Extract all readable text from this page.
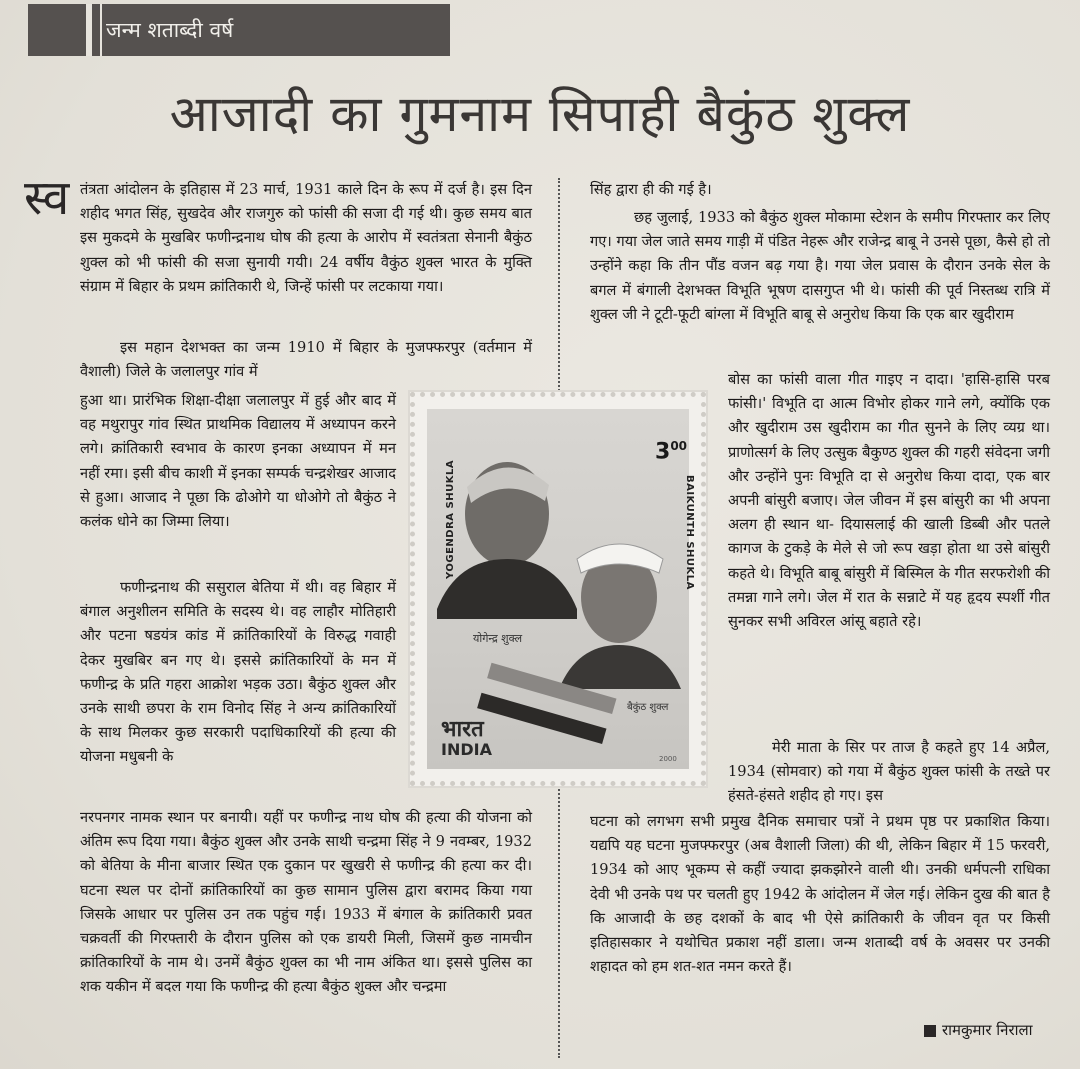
जन्म शताब्दी वर्ष
आजादी का गुमनाम सिपाही बैकुंठ शुक्ल
स्व तंत्रता आंदोलन के इतिहास में 23 मार्च, 1931 काले दिन के रूप में दर्ज है। इस दिन शहीद भगत सिंह, सुखदेव और राजगुरु को फांसी की सजा दी गई थी। कुछ समय बात इस मुकदमे के मुखबिर फणीन्द्रनाथ घोष की हत्या के आरोप में स्वतंत्रता सेनानी बैकुंठ शुक्ल को भी फांसी की सजा सुनायी गयी। 24 वर्षीय वैकुंठ शुक्ल भारत के मुक्ति संग्राम में बिहार के प्रथम क्रांतिकारी थे, जिन्हें फांसी पर लटकाया गया।

इस महान देशभक्त का जन्म 1910 में बिहार के मुजफ्फरपुर (वर्तमान में वैशाली) जिले के जलालपुर गांव में

हुआ था। प्रारंभिक शिक्षा-दीक्षा जलालपुर में हुई और बाद में वह मथुरापुर गांव स्थित प्राथमिक विद्यालय में अध्यापन करने लगे। क्रांतिकारी स्वभाव के कारण इनका अध्यापन में मन नहीं रमा। इसी बीच काशी में इनका सम्पर्क चन्द्रशेखर आजाद से हुआ। आजाद ने पूछा कि ढोओगे या धोओगे तो बैकुंठ ने कलंक धोने का जिम्मा लिया।

फणीन्द्रनाथ की ससुराल बेतिया में थी। वह बिहार में बंगाल अनुशीलन समिति के सदस्य थे। वह लाहौर मोतिहारी और पटना षडयंत्र कांड में क्रांतिकारियों के विरुद्ध गवाही देकर मुखबिर बन गए थे। इससे क्रांतिकारियों के मन में फणीन्द्र के प्रति गहरा आक्रोश भड़क उठा। बैकुंठ शुक्ल और उनके साथी छपरा के राम विनोद सिंह ने अन्य क्रांतिकारियों के साथ मिलकर कुछ सरकारी पदाधिकारियों की हत्या की योजना मधुबनी के

नरपनगर नामक स्थान पर बनायी। यहीं पर फणीन्द्र नाथ घोष की हत्या की योजना को अंतिम रूप दिया गया। बैकुंठ शुक्ल और उनके साथी चन्द्रमा सिंह ने 9 नवम्बर, 1932 को बेतिया के मीना बाजार स्थित एक दुकान पर खुखरी से फणीन्द्र की हत्या कर दी। घटना स्थल पर दोनों क्रांतिकारियों का कुछ सामान पुलिस द्वारा बरामद किया गया जिसके आधार पर पुलिस उन तक पहुंच गई। 1933 में बंगाल के क्रांतिकारी प्रवत चक्रवर्ती की गिरफ्तारी के दौरान पुलिस को एक डायरी मिली, जिसमें कुछ नामचीन क्रांतिकारियों के नाम थे। उनमें बैकुंठ शुक्ल का भी नाम अंकित था। इससे पुलिस का शक यकीन में बदल गया कि फणीन्द्र की हत्या बैकुंठ शुक्ल और चन्द्रमा

सिंह द्वारा ही की गई है।

छह जुलाई, 1933 को बैकुंठ शुक्ल मोकामा स्टेशन के समीप गिरफ्तार कर लिए गए। गया जेल जाते समय गाड़ी में पंडित नेहरू और राजेन्द्र बाबू ने उनसे पूछा, कैसे हो तो उन्होंने कहा कि तीन पौंड वजन बढ़ गया है। गया जेल प्रवास के दौरान उनके सेल के बगल में बंगाली देशभक्त विभूति भूषण दासगुप्त भी थे। फांसी की पूर्व निस्तब्ध रात्रि में शुक्ल जी ने टूटी-फूटी बांग्ला में विभूति बाबू से अनुरोध किया कि एक बार खुदीराम

बोस का फांसी वाला गीत गाइए न दादा। 'हासि-हासि परब फांसी।' विभूति दा आत्म विभोर होकर गाने लगे, क्योंकि एक और खुदीराम उस खुदीराम का गीत सुनने के लिए व्यग्र था। प्राणोत्सर्ग के लिए उत्सुक बैकुण्ठ शुक्ल की गहरी संवेदना जगी और उन्होंने पुनः विभूति दा से अनुरोध किया दादा, एक बार अपनी बांसुरी बजाए। जेल जीवन में इस बांसुरी का भी अपना अलग ही स्थान था- दियासलाई की खाली डिब्बी और पतले कागज के टुकड़े के मेले से जो रूप खड़ा होता था उसे बांसुरी कहते थे। विभूति बाबू बांसुरी में बिस्मिल के गीत सरफरोशी की तमन्ना गाने लगे। जेल में रात के सन्नाटे में यह हृदय स्पर्शी गीत सुनकर सभी अविरल आंसू बहाते रहे।

मेरी माता के सिर पर ताज है कहते हुए 14 अप्रैल, 1934 (सोमवार) को गया में बैकुंठ शुक्ल फांसी के तख्ते पर हंसते-हंसते शहीद हो गए। इस

घटना को लगभग सभी प्रमुख दैनिक समाचार पत्रों ने प्रथम पृष्ठ पर प्रकाशित किया। यद्यपि यह घटना मुजफ्फरपुर (अब वैशाली जिला) की थी, लेकिन बिहार में 15 फरवरी, 1934 को आए भूकम्प से कहीं ज्यादा झकझोरने वाली थी। उनकी धर्मपत्नी राधिका देवी भी उनके पथ पर चलती हुए 1942 के आंदोलन में जेल गई। लेकिन दुख की बात है कि आजादी के छह दशकों के बाद भी ऐसे क्रांतिकारी के जीवन वृत पर किसी इतिहासकार ने यथोचित प्रकाश नहीं डाला। जन्म शताब्दी वर्ष के अवसर पर उनकी शहादत को हम शत-शत नमन करते हैं।

रामकुमार निराला
$3^{00}$
YOGENDRA SHUKLA	BAIKUNTH SHUKLA
योगेन्द्र शुक्ल
बैकुंठ शुक्ल
भारत
INDIA	2000
